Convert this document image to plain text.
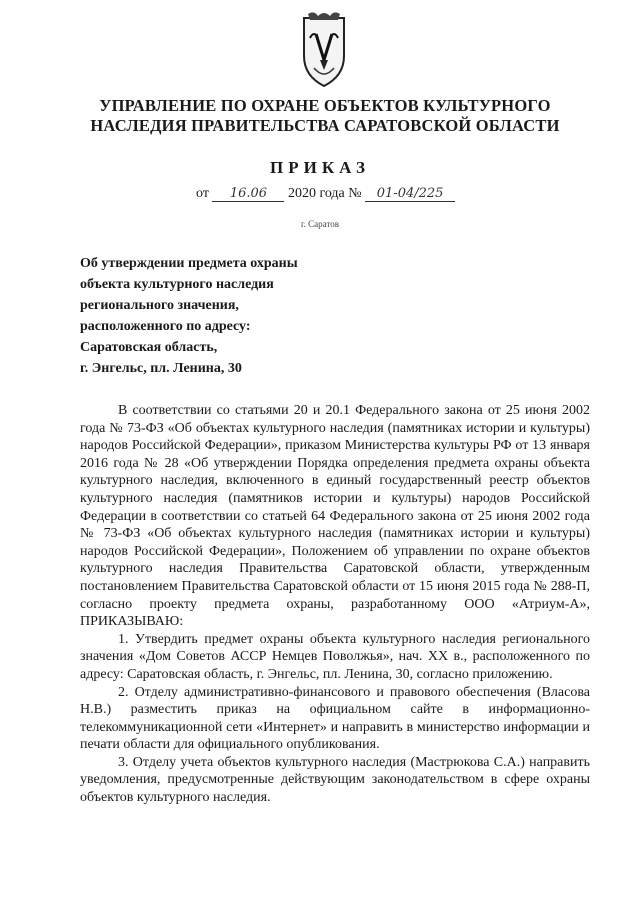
УПРАВЛЕНИЕ ПО ОХРАНЕ ОБЪЕКТОВ КУЛЬТУРНОГО
НАСЛЕДИЯ ПРАВИТЕЛЬСТВА САРАТОВСКОЙ ОБЛАСТИ
ПРИКАЗ
от 16.06 2020 года № 01-04/225
г. Саратов
Об утверждении предмета охраны
объекта культурного наследия
регионального значения,
расположенного по адресу:
Саратовская область,
г. Энгельс, пл. Ленина, 30

В соответствии со статьями 20 и 20.1 Федерального закона от 25 июня 2002 года № 73-ФЗ «Об объектах культурного наследия (памятниках истории и культуры) народов Российской Федерации», приказом Министерства культуры РФ от 13 января 2016 года № 28 «Об утверждении Порядка определения предмета охраны объекта культурного наследия, включенного в единый государственный реестр объектов культурного наследия (памятников истории и культуры) народов Российской Федерации в соответствии со статьей 64 Федерального закона от 25 июня 2002 года № 73-ФЗ «Об объектах культурного наследия (памятниках истории и культуры) народов Российской Федерации», Положением об управлении по охране объектов культурного наследия Правительства Саратовской области, утвержденным постановлением Правительства Саратовской области от 15 июня 2015 года № 288-П, согласно проекту предмета охраны, разработанному ООО «Атриум-А», ПРИКАЗЫВАЮ:

1. Утвердить предмет охраны объекта культурного наследия регионального значения «Дом Советов АССР Немцев Поволжья», нач. XX в., расположенного по адресу: Саратовская область, г. Энгельс, пл. Ленина, 30, согласно приложению.

2. Отделу административно-финансового и правового обеспечения (Власова Н.В.) разместить приказ на официальном сайте в информационно-телекоммуникационной сети «Интернет» и направить в министерство информации и печати области для официального опубликования.

3. Отделу учета объектов культурного наследия (Мастрюкова С.А.) направить уведомления, предусмотренные действующим законодательством в сфере охраны объектов культурного наследия.
